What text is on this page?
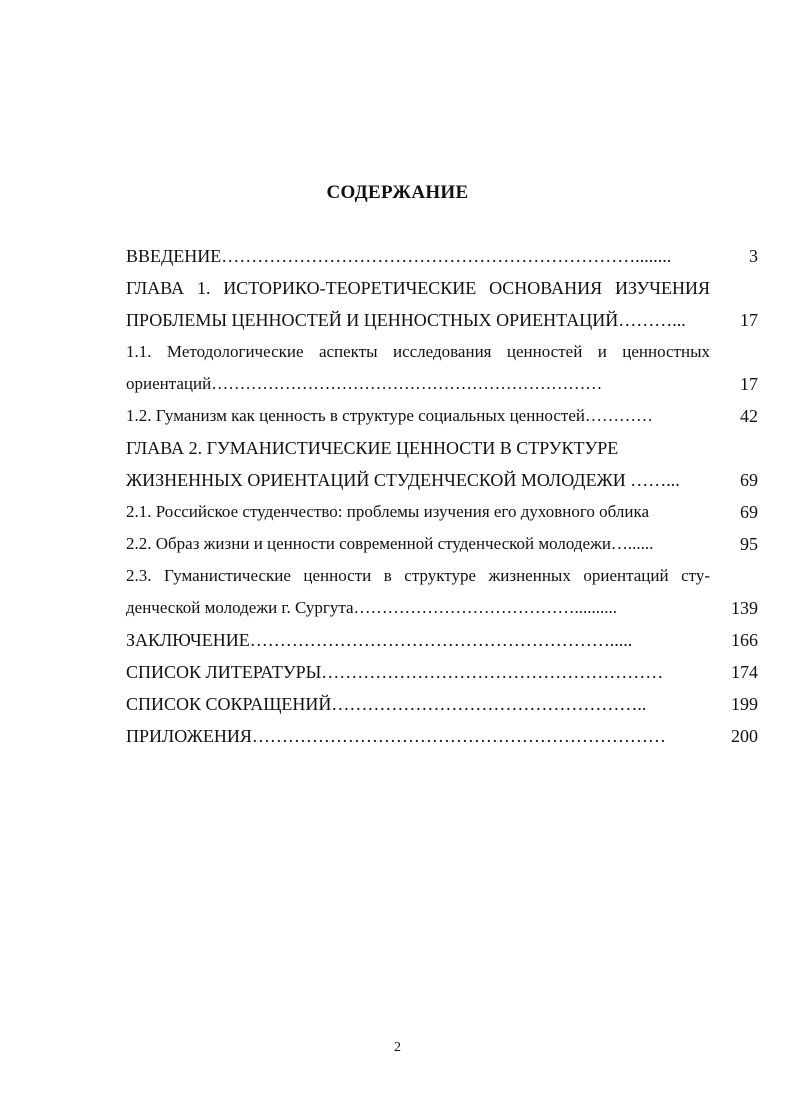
СОДЕРЖАНИЕ
ВВЕДЕНИЕ……………………………………………………………........	3
ГЛАВА 1. ИСТОРИКО-ТЕОРЕТИЧЕСКИЕ ОСНОВАНИЯ ИЗУЧЕНИЯ
ПРОБЛЕМЫ ЦЕННОСТЕЙ И ЦЕННОСТНЫХ ОРИЕНТАЦИЙ………...	17
1.1. Методологические аспекты исследования ценностей и ценностных
ориентаций……………………………………………………………	17
1.2. Гуманизм как ценность в структуре социальных ценностей…………	42
ГЛАВА 2. ГУМАНИСТИЧЕСКИЕ ЦЕННОСТИ В СТРУКТУРЕ
ЖИЗНЕННЫХ ОРИЕНТАЦИЙ СТУДЕНЧЕСКОЙ МОЛОДЕЖИ ……...	69
2.1. Российское студенчество: проблемы изучения его духовного облика	69
2.2. Образ жизни и ценности современной студенческой молодежи…......	95
2.3. Гуманистические ценности в структуре жизненных ориентаций сту-
денческой молодежи г. Сургута…………………………………..........	139
ЗАКЛЮЧЕНИЕ…………………………………………………….....	166
СПИСОК ЛИТЕРАТУРЫ…………………………………………………	174
СПИСОК СОКРАЩЕНИЙ……………………………………………..	199
ПРИЛОЖЕНИЯ……………………………………………………………	200
2
